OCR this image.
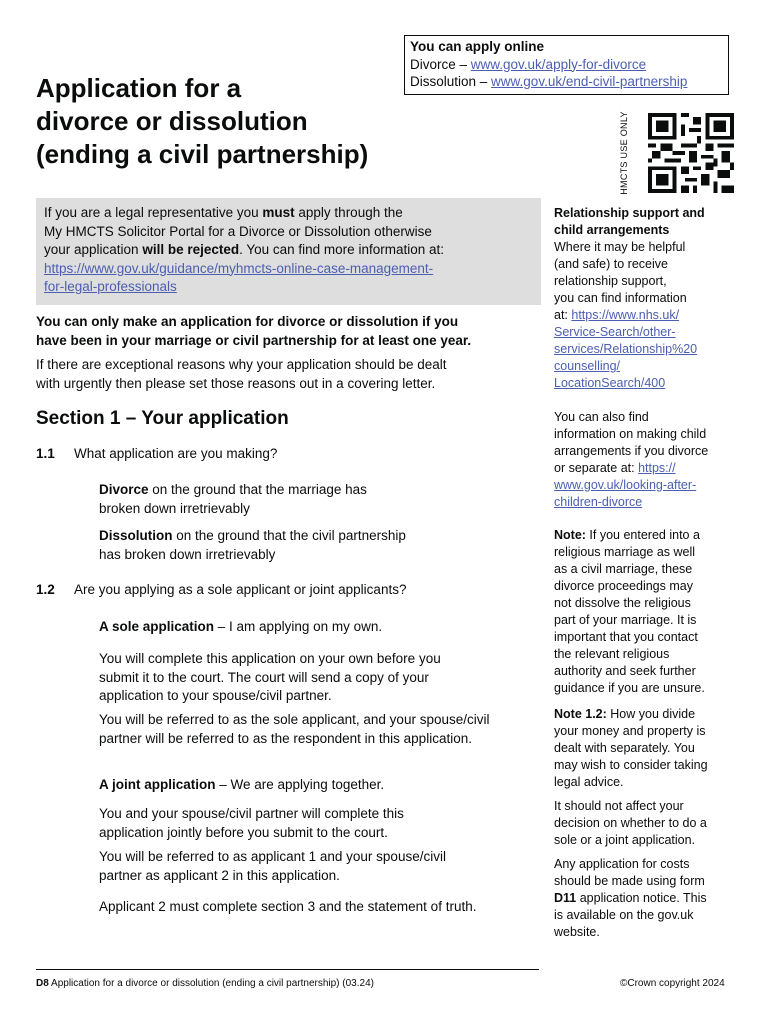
You can apply online
Divorce – www.gov.uk/apply-for-divorce
Dissolution – www.gov.uk/end-civil-partnership
Application for a
divorce or dissolution
(ending a civil partnership)	HMCTS USE ONLY
If you are a legal representative you must apply through the
My HMCTS Solicitor Portal for a Divorce or Dissolution otherwise
your application will be rejected. You can find more information at:
https://www.gov.uk/guidance/myhmcts-online-case-management-
for-legal-professionals
You can only make an application for divorce or dissolution if you
have been in your marriage or civil partnership for at least one year.
If there are exceptional reasons why your application should be dealt
with urgently then please set those reasons out in a covering letter.
Section 1 – Your application
1.1 What application are you making?
Divorce on the ground that the marriage has
broken down irretrievably
Dissolution on the ground that the civil partnership
has broken down irretrievably
1.2 Are you applying as a sole applicant or joint applicants?
A sole application – I am applying on my own.
You will complete this application on your own before you
submit it to the court. The court will send a copy of your
application to your spouse/civil partner.
You will be referred to as the sole applicant, and your spouse/civil
partner will be referred to as the respondent in this application.
A joint application – We are applying together.
You and your spouse/civil partner will complete this
application jointly before you submit to the court.
You will be referred to as applicant 1 and your spouse/civil
partner as applicant 2 in this application.
Applicant 2 must complete section 3 and the statement of truth.
Relationship support and
child arrangements
Where it may be helpful
(and safe) to receive
relationship support,
you can find information
at: https://www.nhs.uk/
Service-Search/other-
services/Relationship%20
counselling/
LocationSearch/400
You can also find
information on making child
arrangements if you divorce
or separate at: https://
www.gov.uk/looking-after-
children-divorce
Note: If you entered into a
religious marriage as well
as a civil marriage, these
divorce proceedings may
not dissolve the religious
part of your marriage. It is
important that you contact
the relevant religious
authority and seek further
guidance if you are unsure.
Note 1.2: How you divide
your money and property is
dealt with separately. You
may wish to consider taking
legal advice.
It should not affect your
decision on whether to do a
sole or a joint application.
Any application for costs
should be made using form
D11 application notice. This
is available on the gov.uk
website.
D8 Application for a divorce or dissolution (ending a civil partnership) (03.24)	©Crown copyright 2024
